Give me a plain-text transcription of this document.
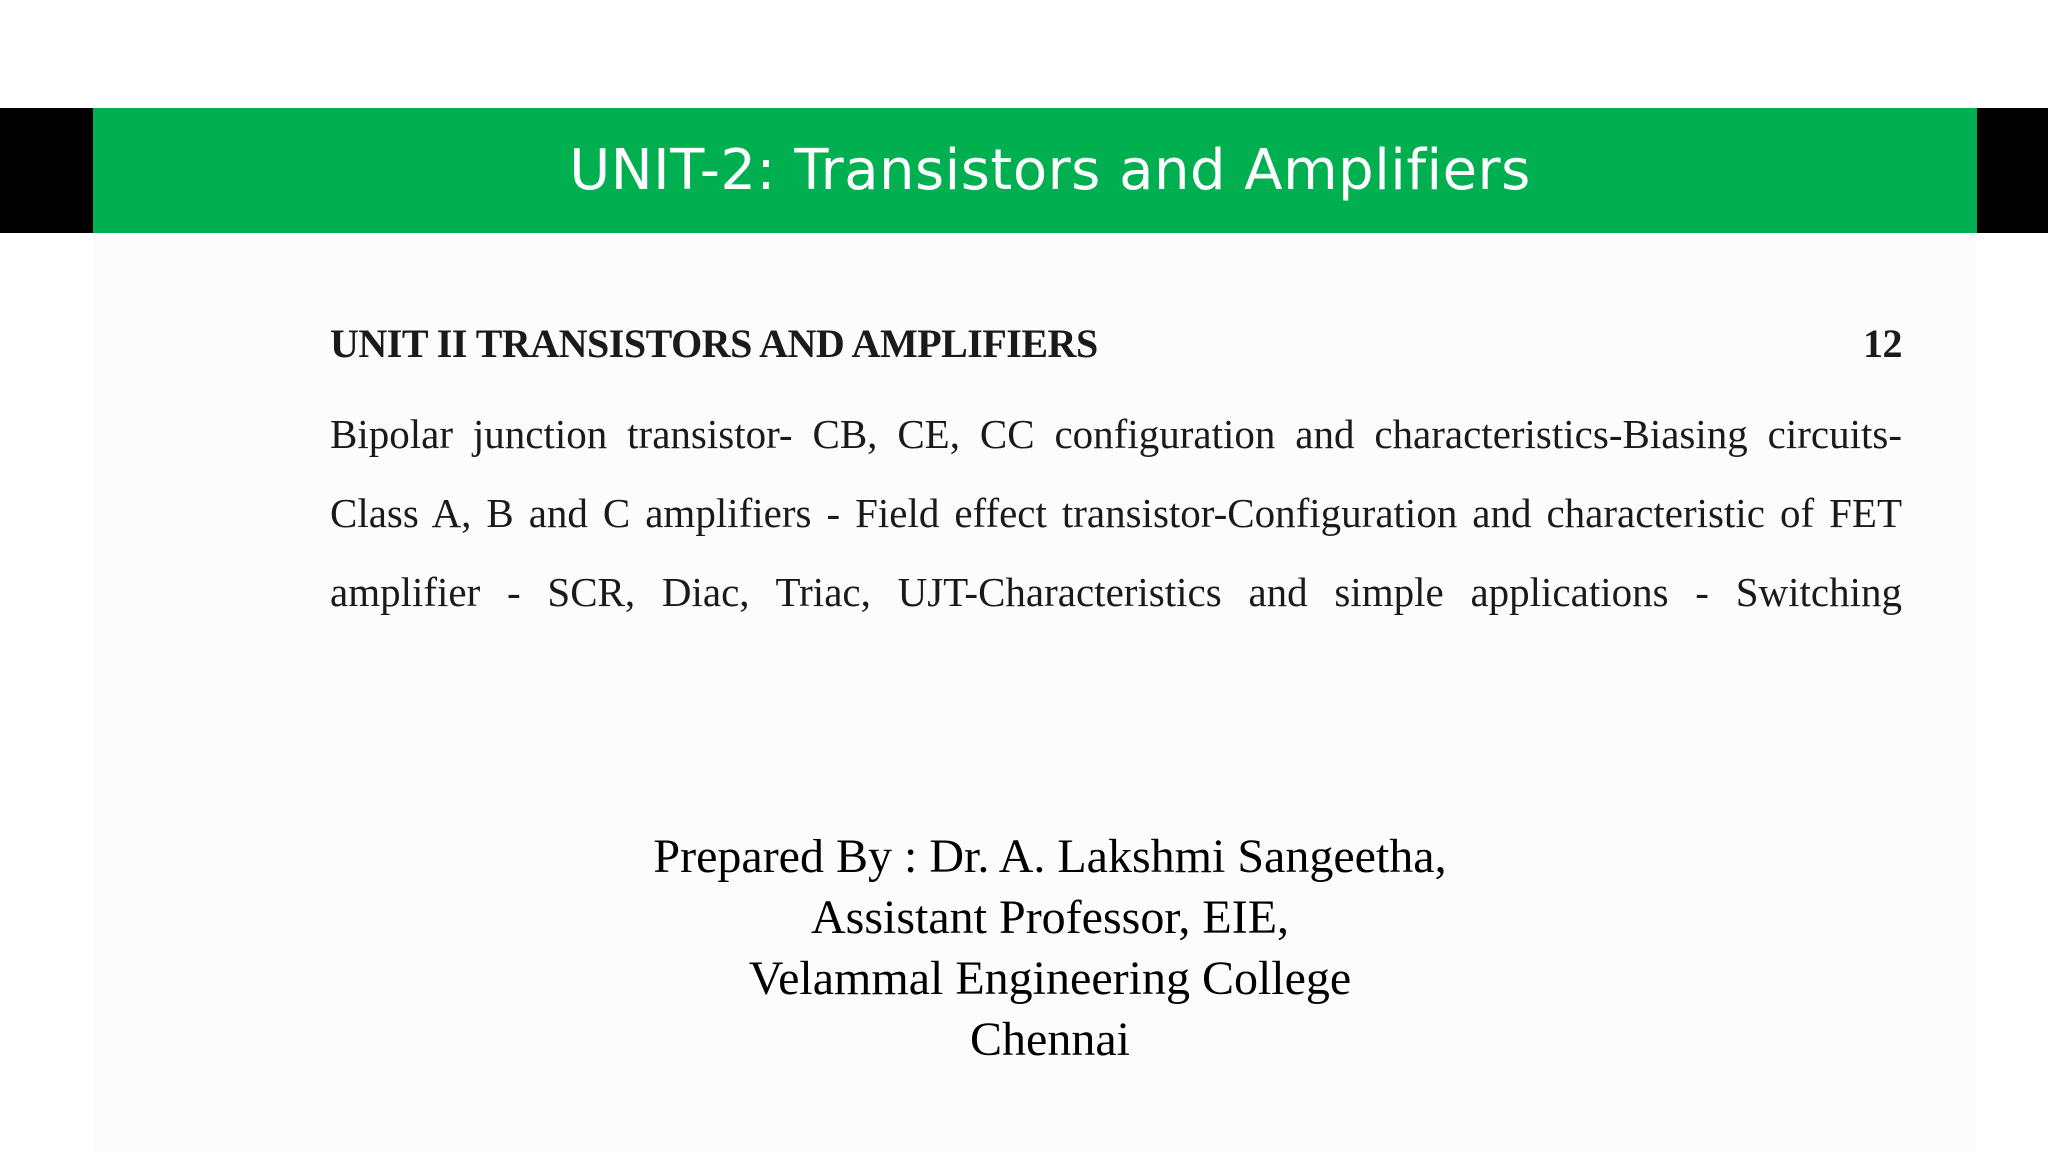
UNIT-2: Transistors and Amplifiers
UNIT II TRANSISTORS AND AMPLIFIERS	12
Bipolar junction transistor- CB, CE, CC configuration and characteristics-Biasing circuits-
Class A, B and C amplifiers - Field effect transistor-Configuration and characteristic of FET
amplifier - SCR, Diac, Triac, UJT-Characteristics and simple applications - Switching
Prepared By : Dr. A. Lakshmi Sangeetha,
Assistant Professor, EIE,
Velammal Engineering College
Chennai
